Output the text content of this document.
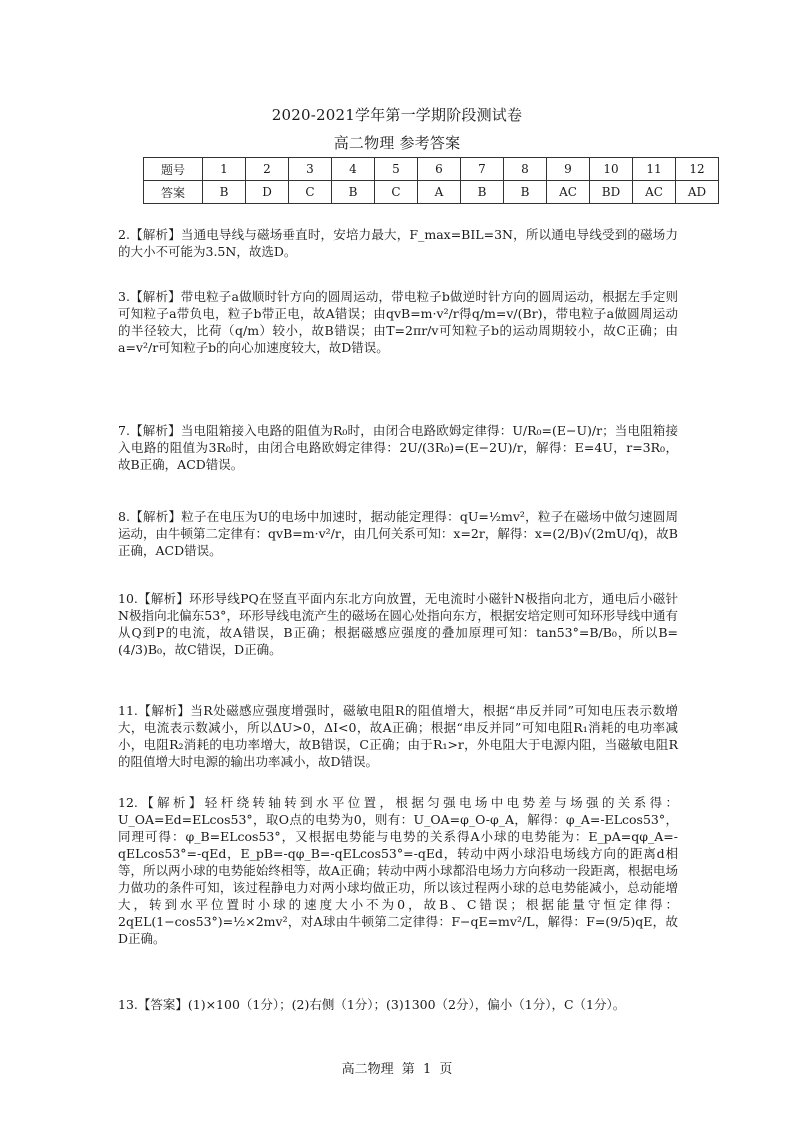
2020-2021学年第一学期阶段测试卷
高二物理 参考答案
题号	1	2	3	4	5	6	7	8	9	10	11	12
答案	B	D	C	B	C	A	B	B	AC	BD	AC	AD
2.【解析】当通电导线与磁场垂直时，安培力最大，F_max=BIL=3N，所以通电导线受到的磁场力的大小不可能为3.5N，故选D。
3.【解析】带电粒子a做顺时针方向的圆周运动，带电粒子b做逆时针方向的圆周运动，根据左手定则可知粒子a带负电，粒子b带正电，故A错误；由qvB=m·v²/r得q/m=v/(Br)，带电粒子a做圆周运动的半径较大，比荷（q/m）较小，故B错误；由T=2πr/v可知粒子b的运动周期较小，故C正确；由a=v²/r可知粒子b的向心加速度较大，故D错误。
7.【解析】当电阻箱接入电路的阻值为R₀时，由闭合电路欧姆定律得：U/R₀=(E−U)/r；当电阻箱接入电路的阻值为3R₀时，由闭合电路欧姆定律得：2U/(3R₀)=(E−2U)/r，解得：E=4U，r=3R₀，故B正确，ACD错误。
8.【解析】粒子在电压为U的电场中加速时，据动能定理得：qU=½mv²，粒子在磁场中做匀速圆周运动，由牛顿第二定律有：qvB=m·v²/r，由几何关系可知：x=2r，解得：x=(2/B)√(2mU/q)，故B正确，ACD错误。
10.【解析】环形导线PQ在竖直平面内东北方向放置，无电流时小磁针N极指向北方，通电后小磁针N极指向北偏东53°，环形导线电流产生的磁场在圆心处指向东方，根据安培定则可知环形导线中通有从Q到P的电流，故A错误，B正确；根据磁感应强度的叠加原理可知：tan53°=B/B₀，所以B=(4/3)B₀，故C错误，D正确。
11.【解析】当R处磁感应强度增强时，磁敏电阻R的阻值增大，根据“串反并同”可知电压表示数增大，电流表示数减小，所以ΔU>0，ΔI<0，故A正确；根据“串反并同”可知电阻R₁消耗的电功率减小，电阻R₂消耗的电功率增大，故B错误，C正确；由于R₁>r，外电阻大于电源内阻，当磁敏电阻R的阻值增大时电源的输出功率减小，故D错误。
12.【解析】轻杆绕转轴转到水平位置，根据匀强电场中电势差与场强的关系得：U_OA=Ed=ELcos53°，取O点的电势为0，则有：U_OA=φ_O-φ_A，解得：φ_A=-ELcos53°，同理可得：φ_B=ELcos53°，又根据电势能与电势的关系得A小球的电势能为：E_pA=qφ_A=-qELcos53°=-qEd，E_pB=-qφ_B=-qELcos53°=-qEd，转动中两小球沿电场线方向的距离d相等，所以两小球的电势能始终相等，故A正确；转动中两小球都沿电场力方向移动一段距离，根据电场力做功的条件可知，该过程静电力对两小球均做正功，所以该过程两小球的总电势能减小，总动能增大，转到水平位置时小球的速度大小不为0，故B、C错误；根据能量守恒定律得：2qEL(1−cos53°)=½×2mv²，对A球由牛顿第二定律得：F−qE=mv²/L，解得：F=(9/5)qE，故D正确。
13.【答案】(1)×100（1分）；(2)右侧（1分）；(3)1300（2分），偏小（1分），C（1分）。
高二物理 第 1 页
